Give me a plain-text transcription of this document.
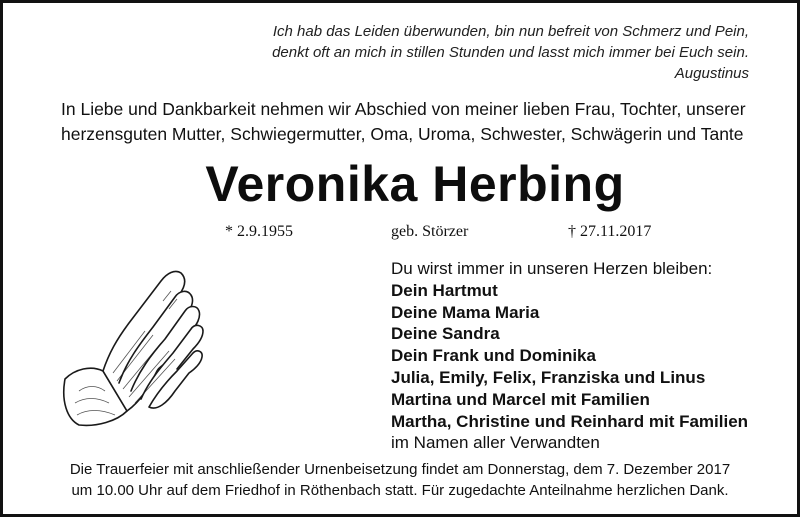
Ich hab das Leiden überwunden, bin nun befreit von Schmerz und Pein,
denkt oft an mich in stillen Stunden und lasst mich immer bei Euch sein.
Augustinus
In Liebe und Dankbarkeit nehmen wir Abschied von meiner lieben Frau, Tochter, unserer
herzensguten Mutter, Schwiegermutter, Oma, Uroma, Schwester, Schwägerin und Tante
Veronika Herbing
* 2.9.1955	geb. Störzer	† 27.11.2017
Du wirst immer in unseren Herzen bleiben:
Dein Hartmut
Deine Mama Maria
Deine Sandra
Dein Frank und Dominika
Julia, Emily, Felix, Franziska und Linus
Martina und Marcel mit Familien
Martha, Christine und Reinhard mit Familien
im Namen aller Verwandten
Die Trauerfeier mit anschließender Urnenbeisetzung findet am Donnerstag, dem 7. Dezember 2017
um 10.00 Uhr auf dem Friedhof in Röthenbach statt. Für zugedachte Anteilnahme herzlichen Dank.
